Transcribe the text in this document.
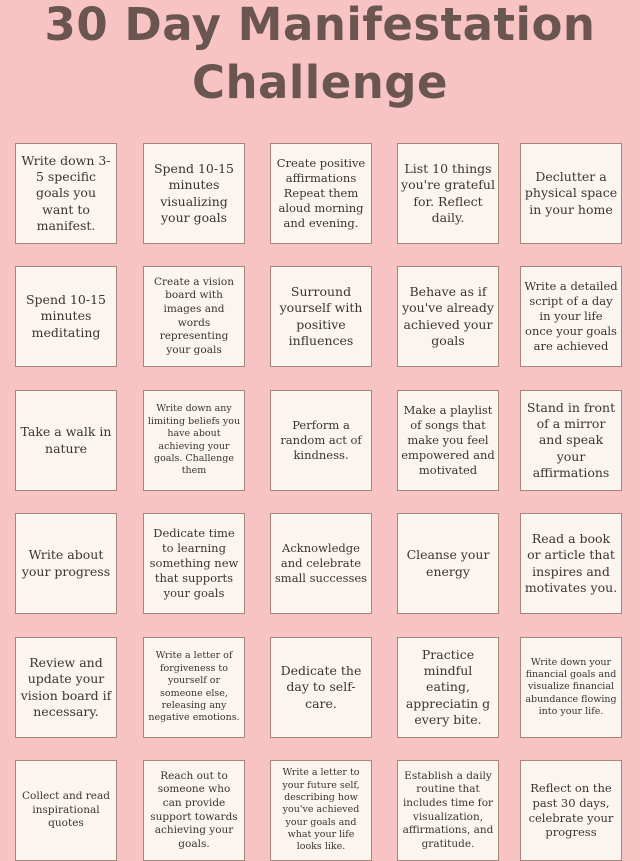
30 Day Manifestation
Challenge
Write down 3-5 specific goals you want to manifest.
Spend 10-15 minutes visualizing your goals
Create positive affirmations Repeat them aloud morning and evening.
List 10 things you're grateful for. Reflect daily.
Declutter a physical space in your home
Spend 10-15 minutes meditating
Create a vision board with images and words representing your goals
Surround yourself with positive influences
Behave as if you've already achieved your goals
Write a detailed script of a day in your life once your goals are achieved
Take a walk in nature
Write down any limiting beliefs you have about achieving your goals. Challenge them
Perform a random act of kindness.
Make a playlist of songs that make you feel empowered and motivated
Stand in front of a mirror and speak your affirmations
Write about your progress
Dedicate time to learning something new that supports your goals
Acknowledge and celebrate small successes
Cleanse your energy
Read a book or article that inspires and motivates you.
Review and update your vision board if necessary.
Write a letter of forgiveness to yourself or someone else, releasing any negative emotions.
Dedicate the day to self-care.
Practice mindful eating, appreciatin g every bite.
Write down your financial goals and visualize financial abundance flowing into your life.
Collect and read inspirational quotes
Reach out to someone who can provide support towards achieving your goals.
Write a letter to your future self, describing how you've achieved your goals and what your life looks like.
Establish a daily routine that includes time for visualization, affirmations, and gratitude.
Reflect on the past 30 days, celebrate your progress
